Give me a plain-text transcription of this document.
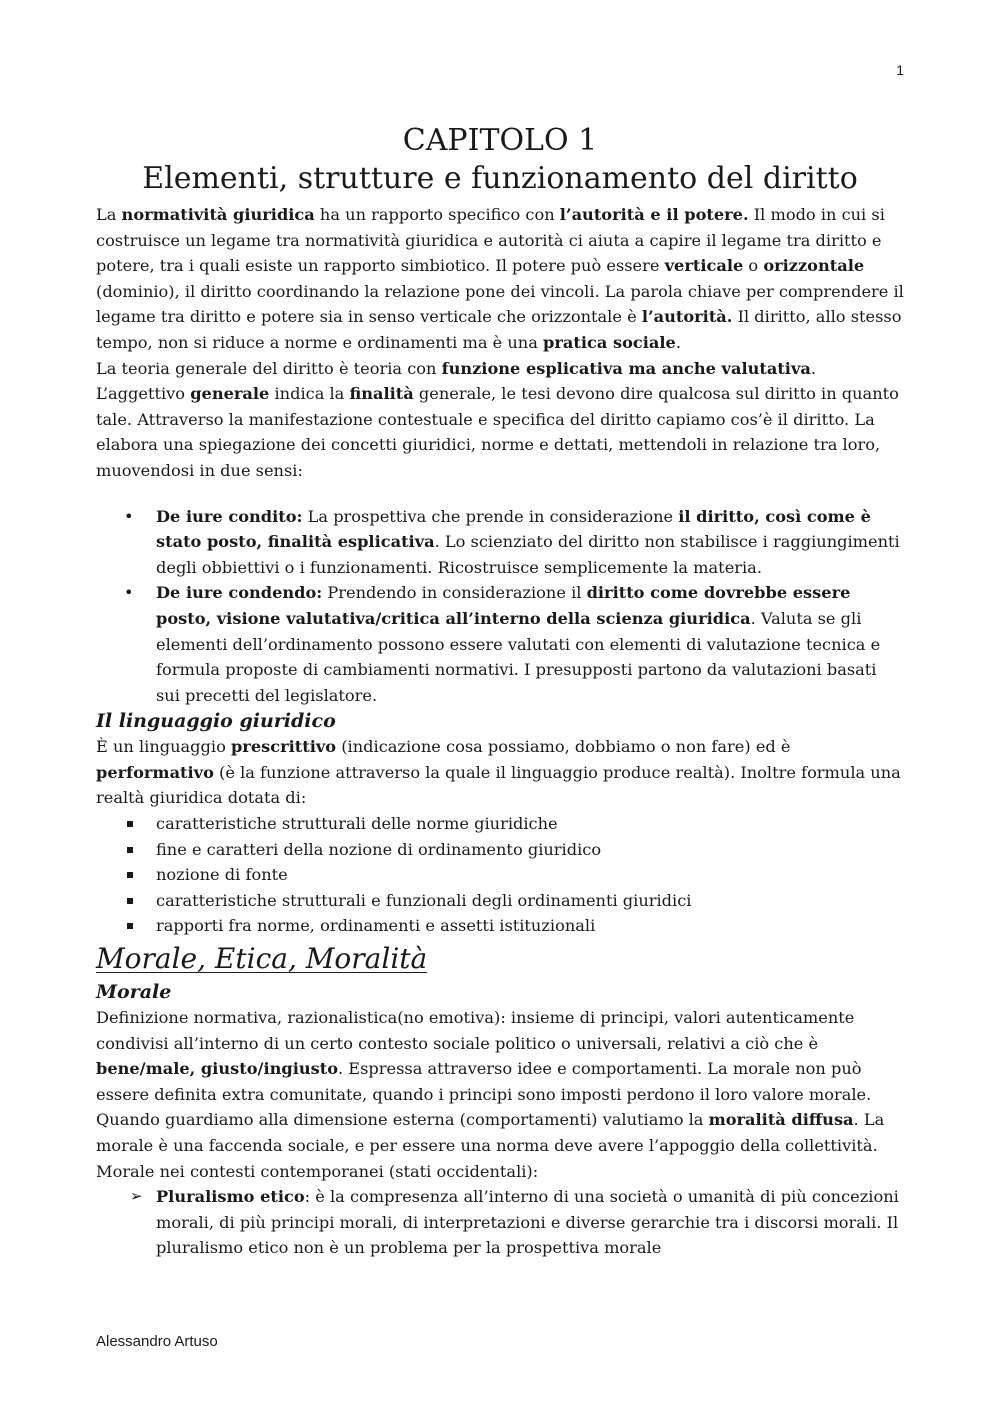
1
CAPITOLO 1
Elementi, strutture e funzionamento del diritto

La normatività giuridica ha un rapporto specifico con l’autorità e il potere. Il modo in cui si costruisce un legame tra normatività giuridica e autorità ci aiuta a capire il legame tra diritto e potere, tra i quali esiste un rapporto simbiotico. Il potere può essere verticale o orizzontale (dominio), il diritto coordinando la relazione pone dei vincoli. La parola chiave per comprendere il legame tra diritto e potere sia in senso verticale che orizzontale è l’autorità. Il diritto, allo stesso tempo, non si riduce a norme e ordinamenti ma è una pratica sociale.

La teoria generale del diritto è teoria con funzione esplicativa ma anche valutativa. L’aggettivo generale indica la finalità generale, le tesi devono dire qualcosa sul diritto in quanto tale. Attraverso la manifestazione contestuale e specifica del diritto capiamo cos’è il diritto. La elabora una spiegazione dei concetti giuridici, norme e dettati, mettendoli in relazione tra loro, muovendosi in due sensi:

• De iure condito: La prospettiva che prende in considerazione il diritto, così come è stato posto, finalità esplicativa. Lo scienziato del diritto non stabilisce i raggiungimenti degli obbiettivi o i funzionamenti. Ricostruisce semplicemente la materia.
• De iure condendo: Prendendo in considerazione il diritto come dovrebbe essere posto, visione valutativa/critica all’interno della scienza giuridica. Valuta se gli elementi dell’ordinamento possono essere valutati con elementi di valutazione tecnica e formula proposte di cambiamenti normativi. I presupposti partono da valutazioni basati sui precetti del legislatore.
Il linguaggio giuridico

È un linguaggio prescrittivo (indicazione cosa possiamo, dobbiamo o non fare) ed è performativo (è la funzione attraverso la quale il linguaggio produce realtà). Inoltre formula una realtà giuridica dotata di:

caratteristiche strutturali delle norme giuridiche
fine e caratteri della nozione di ordinamento giuridico
nozione di fonte
caratteristiche strutturali e funzionali degli ordinamenti giuridici
rapporti fra norme, ordinamenti e assetti istituzionali
Morale, Etica, Moralità
Morale

Definizione normativa, razionalistica(no emotiva): insieme di principi, valori autenticamente condivisi all’interno di un certo contesto sociale politico o universali, relativi a ciò che è bene/male, giusto/ingiusto. Espressa attraverso idee e comportamenti. La morale non può essere definita extra comunitate, quando i principi sono imposti perdono il loro valore morale. Quando guardiamo alla dimensione esterna (comportamenti) valutiamo la moralità diffusa. La morale è una faccenda sociale, e per essere una norma deve avere l’appoggio della collettività. Morale nei contesti contemporanei (stati occidentali):

➢ Pluralismo etico: è la compresenza all’interno di una società o umanità di più concezioni morali, di più principi morali, di interpretazioni e diverse gerarchie tra i discorsi morali. Il pluralismo etico non è un problema per la prospettiva morale
Alessandro Artuso
